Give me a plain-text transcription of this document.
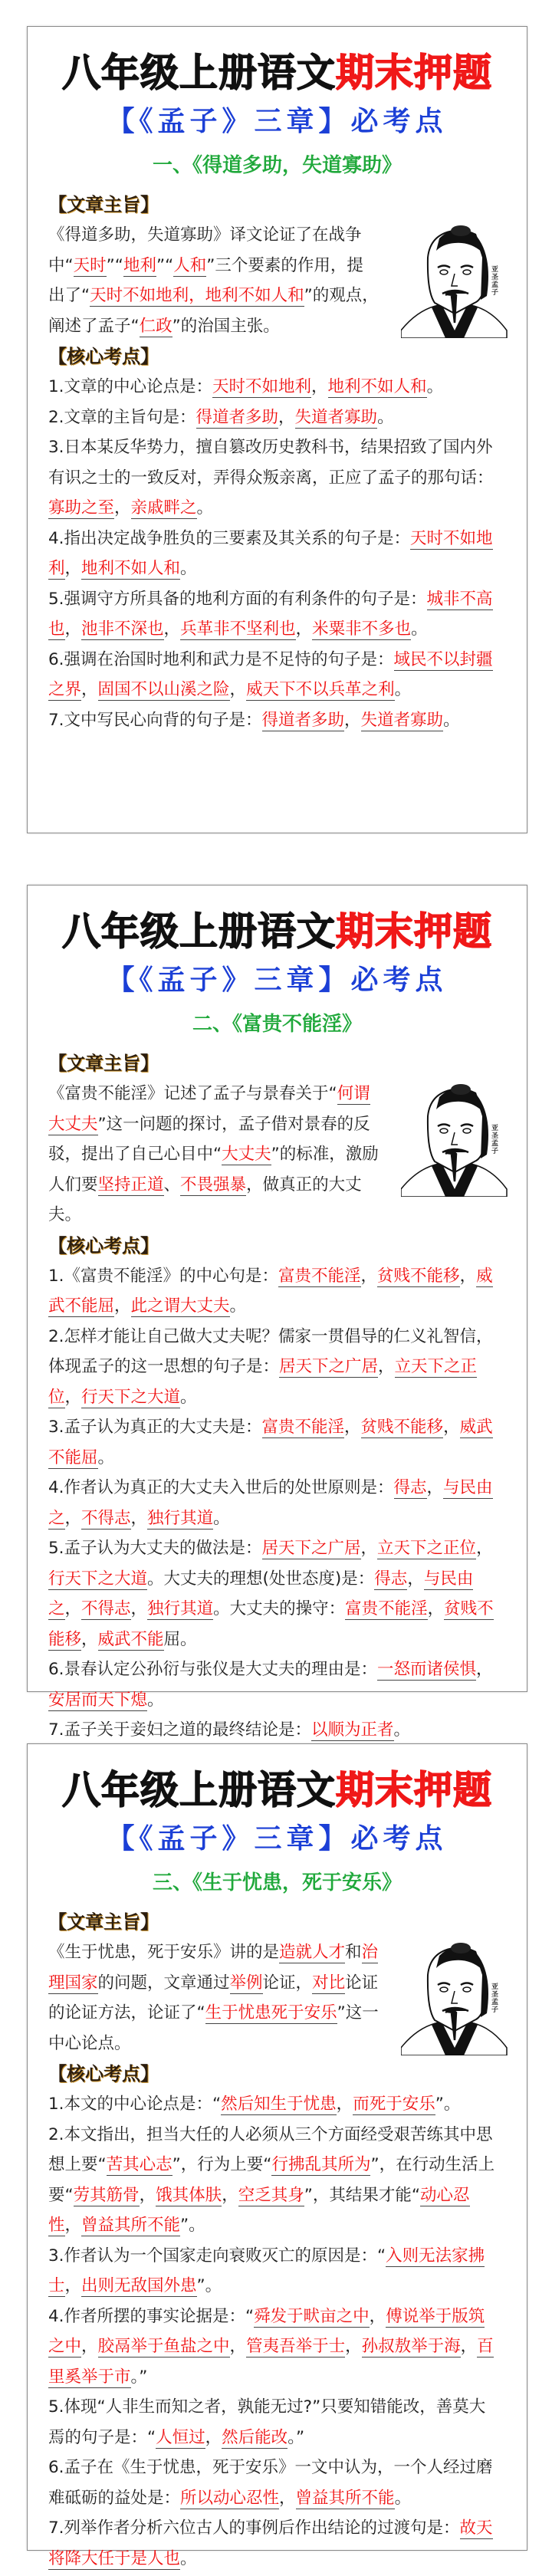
八年级上册语文期末押题
【《孟子》三章】必考点
一、《得道多助，失道寡助》
【文章主旨】
亚圣孟子
《得道多助，失道寡助》译文论证了在战争中“天时”“地利”“人和”三个要素的作用，提出了“天时不如地利，地利不如人和”的观点，阐述了孟子“仁政”的治国主张。
【核心考点】
1.文章的中心论点是：天时不如地利，地利不如人和。
2.文章的主旨句是：得道者多助，失道者寡助。
3.日本某反华势力，擅自篡改历史教科书，结果招致了国内外有识之士的一致反对，弄得众叛亲离，正应了孟子的那句话：寡助之至，亲戚畔之。
4.指出决定战争胜负的三要素及其关系的句子是：天时不如地利，地利不如人和。
5.强调守方所具备的地利方面的有利条件的句子是：城非不高也，池非不深也，兵革非不坚利也，米粟非不多也。
6.强调在治国时地利和武力是不足恃的句子是：域民不以封疆之界，固国不以山溪之险，威天下不以兵革之利。
7.文中写民心向背的句子是：得道者多助，失道者寡助。
八年级上册语文期末押题
【《孟子》三章】必考点
二、《富贵不能淫》
【文章主旨】
亚圣孟子
《富贵不能淫》记述了孟子与景春关于“何谓大丈夫”这一问题的探讨，孟子借对景春的反驳，提出了自己心目中“大丈夫”的标准，激励人们要坚持正道、不畏强暴，做真正的大丈夫。
【核心考点】
1.《富贵不能淫》的中心句是：富贵不能淫，贫贱不能移，威武不能屈，此之谓大丈夫。
2.怎样才能让自己做大丈夫呢？儒家一贯倡导的仁义礼智信，体现孟子的这一思想的句子是：居天下之广居，立天下之正位，行天下之大道。
3.孟子认为真正的大丈夫是：富贵不能淫，贫贱不能移，威武不能屈。
4.作者认为真正的大丈夫入世后的处世原则是：得志，与民由之，不得志，独行其道。
5.孟子认为大丈夫的做法是：居天下之广居，立天下之正位，行天下之大道。大丈夫的理想(处世态度)是：得志，与民由之，不得志，独行其道。大丈夫的操守：富贵不能淫，贫贱不能移，威武不能屈。
6.景春认定公孙衍与张仪是大丈夫的理由是：一怒而诸侯惧，安居而天下熄。
7.孟子关于妾妇之道的最终结论是：以顺为正者。
八年级上册语文期末押题
【《孟子》三章】必考点
三、《生于忧患，死于安乐》
【文章主旨】
亚圣孟子
《生于忧患，死于安乐》讲的是造就人才和治理国家的问题，文章通过举例论证，对比论证的论证方法，论证了“生于忧患死于安乐”这一中心论点。
【核心考点】
1.本文的中心论点是：“然后知生于忧患，而死于安乐”。
2.本文指出，担当大任的人必须从三个方面经受艰苦练其中思想上要“苦其心志”，行为上要“行拂乱其所为”，在行动生活上要“劳其筋骨，饿其体肤，空乏其身”，其结果才能“动心忍性，曾益其所不能”。
3.作者认为一个国家走向衰败灭亡的原因是：“入则无法家拂士，出则无敌国外患”。
4.作者所摆的事实论据是：“舜发于畎亩之中，傅说举于版筑之中，胶鬲举于鱼盐之中，管夷吾举于士，孙叔敖举于海，百里奚举于市。”
5.体现“人非生而知之者，孰能无过?”只要知错能改，善莫大焉的句子是：“人恒过，然后能改。”
6.孟子在《生于忧患，死于安乐》一文中认为，一个人经过磨难砥砺的益处是：所以动心忍性，曾益其所不能。
7.列举作者分析六位古人的事例后作出结论的过渡句是：故天将降大任于是人也。
